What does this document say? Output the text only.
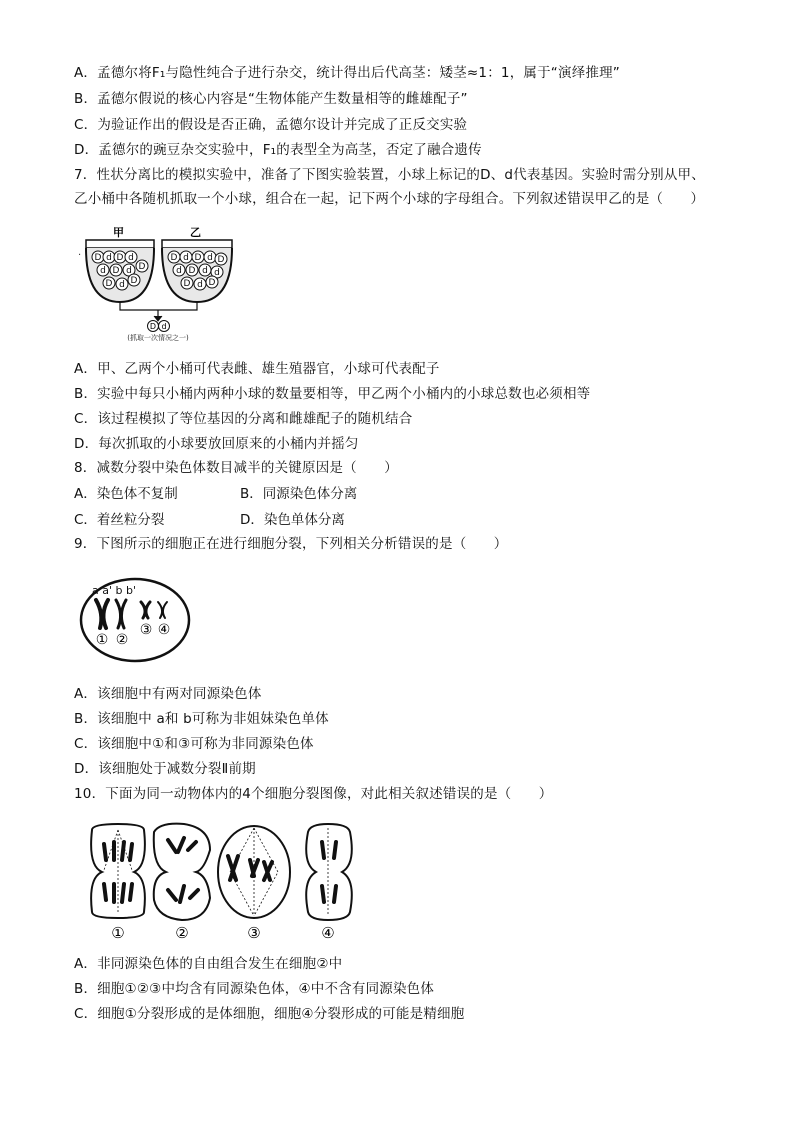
A．孟德尔将F₁与隐性纯合子进行杂交，统计得出后代高茎：矮茎≈1：1，属于“演绎推理”
B．孟德尔假说的核心内容是“生物体能产生数量相等的雌雄配子”
C．为验证作出的假设是否正确，孟德尔设计并完成了正反交实验
D．孟德尔的豌豆杂交实验中，F₁的表型全为高茎，否定了融合遗传
7．性状分离比的模拟实验中，准备了下图实验装置，小球上标记的D、d代表基因。实验时需分别从甲、
乙小桶中各随机抓取一个小球，组合在一起，记下两个小球的字母组合。下列叙述错误甲乙的是（　　）
·
甲
D d D d
d D d D
D d D
乙
D d D d D
d D d d
D d D
D d
(抓取一次情况之一)
A．甲、乙两个小桶可代表雌、雄生殖器官，小球可代表配子
B．实验中每只小桶内两种小球的数量要相等，甲乙两个小桶内的小球总数也必须相等
C．该过程模拟了等位基因的分离和雌雄配子的随机结合
D．每次抓取的小球要放回原来的小桶内并摇匀
8．减数分裂中染色体数目减半的关键原因是（　　）
A．染色体不复制	B．同源染色体分离
C．着丝粒分裂	D．染色单体分离
9．下图所示的细胞正在进行细胞分裂，下列相关分析错误的是（　　）
a a' b b'
① ②
③ ④
A．该细胞中有两对同源染色体
B．该细胞中 a和 b可称为非姐妹染色单体
C．该细胞中①和③可称为非同源染色体
D．该细胞处于减数分裂Ⅱ前期
10．下面为同一动物体内的4个细胞分裂图像，对此相关叙述错误的是（　　）
①	②	③	④
A．非同源染色体的自由组合发生在细胞②中
B．细胞①②③中均含有同源染色体，④中不含有同源染色体
C．细胞①分裂形成的是体细胞，细胞④分裂形成的可能是精细胞
